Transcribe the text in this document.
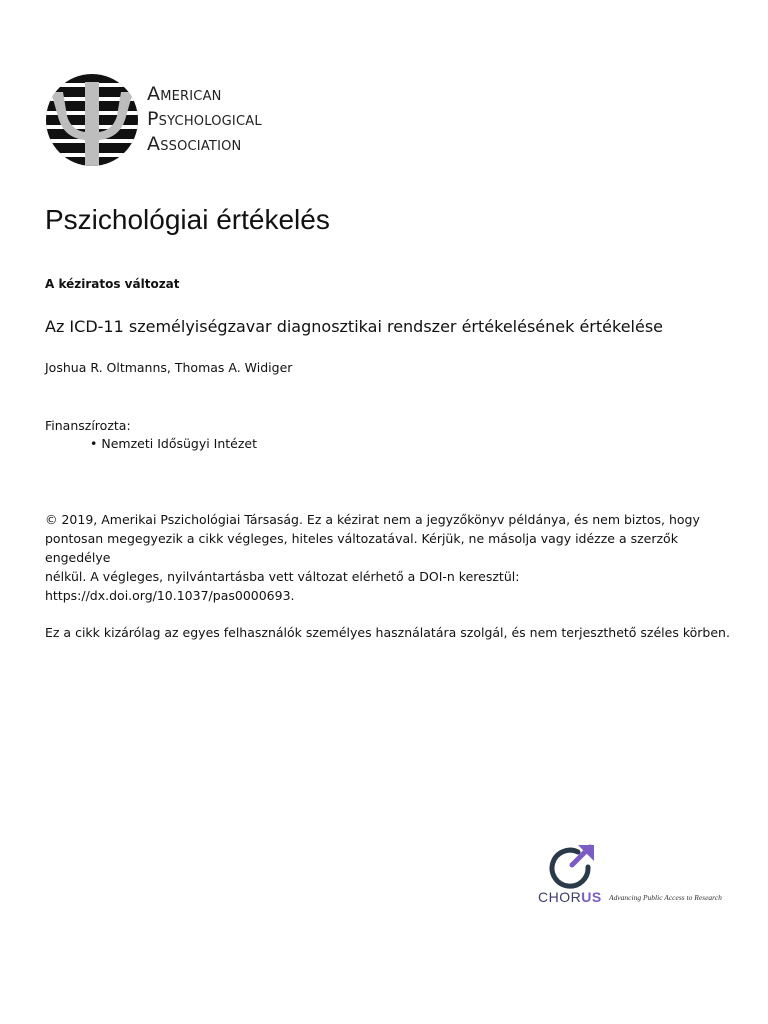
American
Psychological
Association
Pszichológiai értékelés
A kéziratos változat
Az ICD-11 személyiségzavar diagnosztikai rendszer értékelésének értékelése
Joshua R. Oltmanns, Thomas A. Widiger
Finanszírozta:
• Nemzeti Idősügyi Intézet
© 2019, Amerikai Pszichológiai Társaság. Ez a kézirat nem a jegyzőkönyv példánya, és nem biztos, hogy
pontosan megegyezik a cikk végleges, hiteles változatával. Kérjük, ne másolja vagy idézze a szerzők engedélye
nélkül. A végleges, nyilvántartásba vett változat elérhető a DOI-n keresztül:
https://dx.doi.org/10.1037/pas0000693.

Ez a cikk kizárólag az egyes felhasználók személyes használatára szolgál, és nem terjeszthető széles körben.

CHORUS Advancing Public Access to Research
